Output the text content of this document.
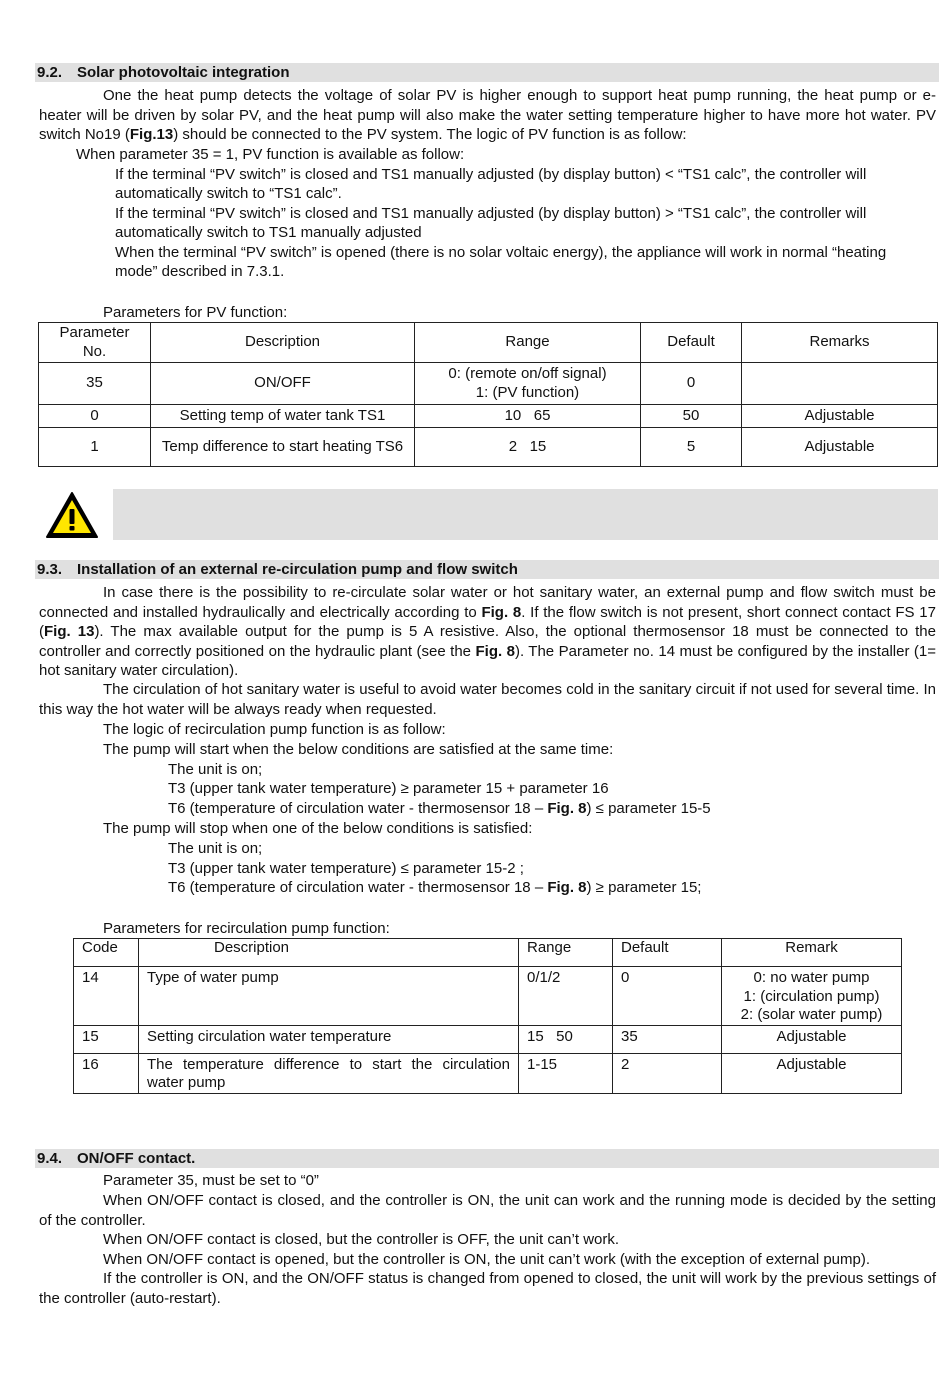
9.2. Solar photovoltaic integration
One the heat pump detects the voltage of solar PV is higher enough to support heat pump running, the heat pump or e-heater will be driven by solar PV, and the heat pump will also make the water setting temperature higher to have more hot water. PV switch No19 (Fig.13) should be connected to the PV system. The logic of PV function is as follow:
When parameter 35 = 1, PV function is available as follow:
If the terminal “PV switch” is closed and TS1 manually adjusted (by display button) < “TS1 calc”, the controller will
automatically switch to “TS1 calc”.
If the terminal “PV switch” is closed and TS1 manually adjusted (by display button) > “TS1 calc”, the controller will
automatically switch to TS1 manually adjusted
When the terminal “PV switch” is opened (there is no solar voltaic energy), the appliance will work in normal “heating
mode” described in 7.3.1.
Parameters for PV function:
Parameter No.	Description	Range	Default	Remarks
35	ON/OFF	0: (remote on/off signal)
1: (PV function)	0	
0	Setting temp of water tank TS1	10   65	50	Adjustable
1	Temp difference to start heating TS6	2   15	5	Adjustable
9.3. Installation of an external re-circulation pump and flow switch
In case there is the possibility to re-circulate solar water or hot sanitary water, an external pump and flow switch must be connected and installed hydraulically and electrically according to Fig. 8. If the flow switch is not present, short connect contact FS 17 (Fig. 13). The max available output for the pump is 5 A resistive. Also, the optional thermosensor 18 must be connected to the controller and correctly positioned on the hydraulic plant (see the Fig. 8). The Parameter no. 14 must be configured by the installer (1= hot sanitary water circulation).
The circulation of hot sanitary water is useful to avoid water becomes cold in the sanitary circuit if not used for several time. In this way the hot water will be always ready when requested.
The logic of recirculation pump function is as follow:
The pump will start when the below conditions are satisfied at the same time:
The unit is on;
T3 (upper tank water temperature) ≥ parameter 15 + parameter 16
T6 (temperature of circulation water - thermosensor 18 – Fig. 8) ≤ parameter 15-5
The pump will stop when one of the below conditions is satisfied:
The unit is on;
T3 (upper tank water temperature) ≤ parameter 15-2 ;
T6 (temperature of circulation water - thermosensor 18 – Fig. 8) ≥ parameter 15;
Parameters for recirculation pump function:
Code	Description	Range	Default	Remark
14	Type of water pump	0/1/2	0	0: no water pump
1: (circulation pump)
2: (solar water pump)
15	Setting circulation water temperature	15   50	35	Adjustable
16	The temperature difference to start the circulation water pump	1-15	2	Adjustable
9.4. ON/OFF contact.
Parameter 35, must be set to “0”
When ON/OFF contact is closed, and the controller is ON, the unit can work and the running mode is decided by the setting of the controller.
When ON/OFF contact is closed, but the controller is OFF, the unit can’t work.
When ON/OFF contact is opened, but the controller is ON, the unit can’t work (with the exception of external pump).
If the controller is ON, and the ON/OFF status is changed from opened to closed, the unit will work by the previous settings of the controller (auto-restart).
